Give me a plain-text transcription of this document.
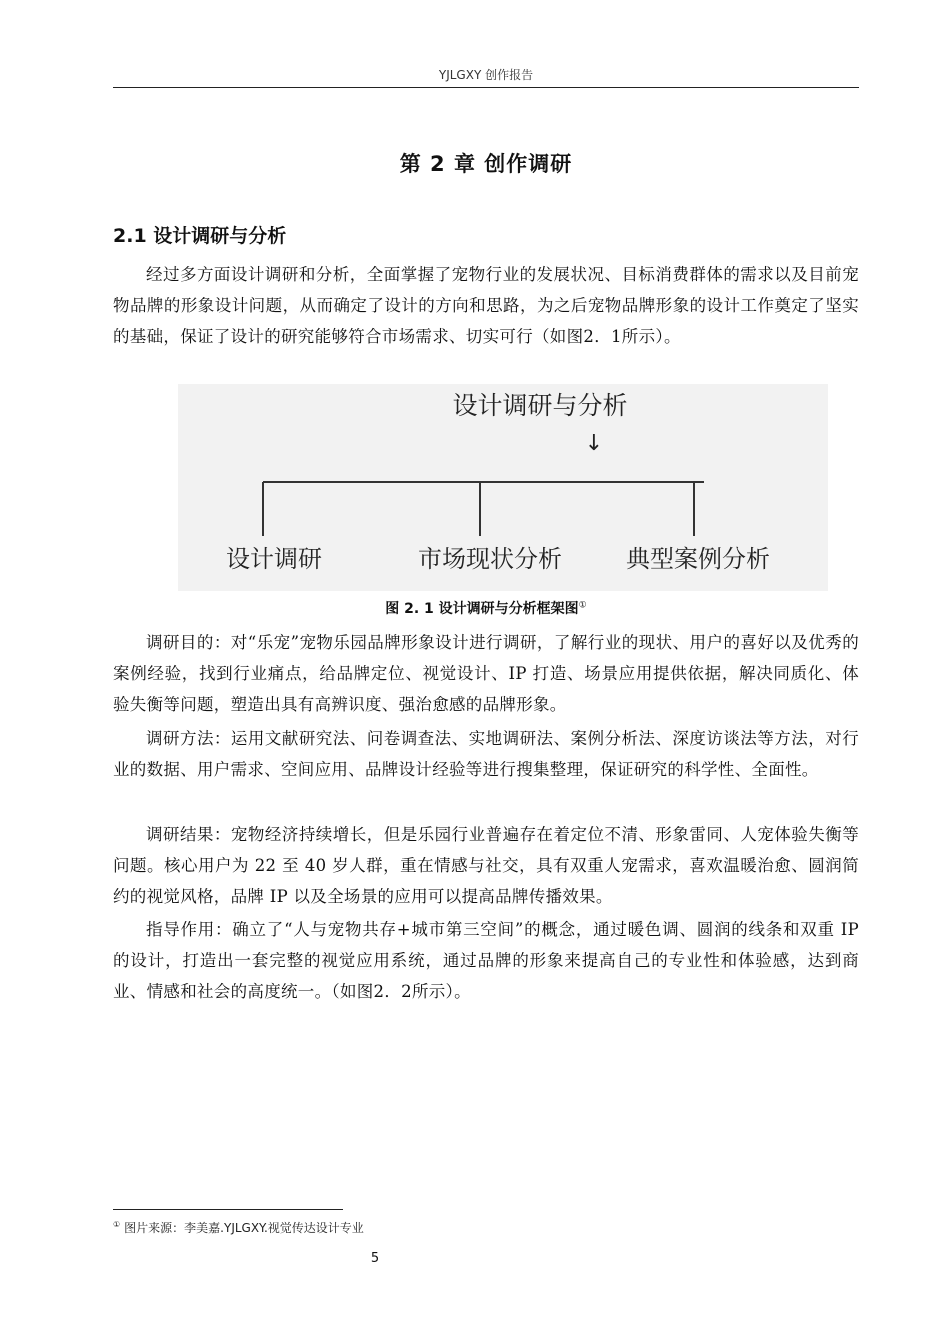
YJLGXY 创作报告
第 2 章 创作调研
2.1 设计调研与分析

经过多方面设计调研和分析，全面掌握了宠物行业的发展状况、目标消费群体的需求以及目前宠物品牌的形象设计问题，从而确定了设计的方向和思路，为之后宠物品牌形象的设计工作奠定了坚实的基础，保证了设计的研究能够符合市场需求、切实可行（如图2．1所示）。

设计调研与分析
↓
设计调研	市场现状分析	典型案例分析
图 2. 1 设计调研与分析框架图①

调研目的：对“乐宠”宠物乐园品牌形象设计进行调研，了解行业的现状、用户的喜好以及优秀的案例经验，找到行业痛点，给品牌定位、视觉设计、IP 打造、场景应用提供依据，解决同质化、体验失衡等问题，塑造出具有高辨识度、强治愈感的品牌形象。

调研方法：运用文献研究法、问卷调查法、实地调研法、案例分析法、深度访谈法等方法，对行业的数据、用户需求、空间应用、品牌设计经验等进行搜集整理，保证研究的科学性、全面性。

调研结果：宠物经济持续增长，但是乐园行业普遍存在着定位不清、形象雷同、人宠体验失衡等问题。核心用户为 22 至 40 岁人群，重在情感与社交，具有双重人宠需求，喜欢温暖治愈、圆润简约的视觉风格，品牌 IP 以及全场景的应用可以提高品牌传播效果。

指导作用：确立了“人与宠物共存+城市第三空间”的概念，通过暖色调、圆润的线条和双重 IP 的设计，打造出一套完整的视觉应用系统，通过品牌的形象来提高自己的专业性和体验感，达到商业、情感和社会的高度统一。（如图2．2所示）。

① 图片来源：李美嘉.YJLGXY.视觉传达设计专业
5
